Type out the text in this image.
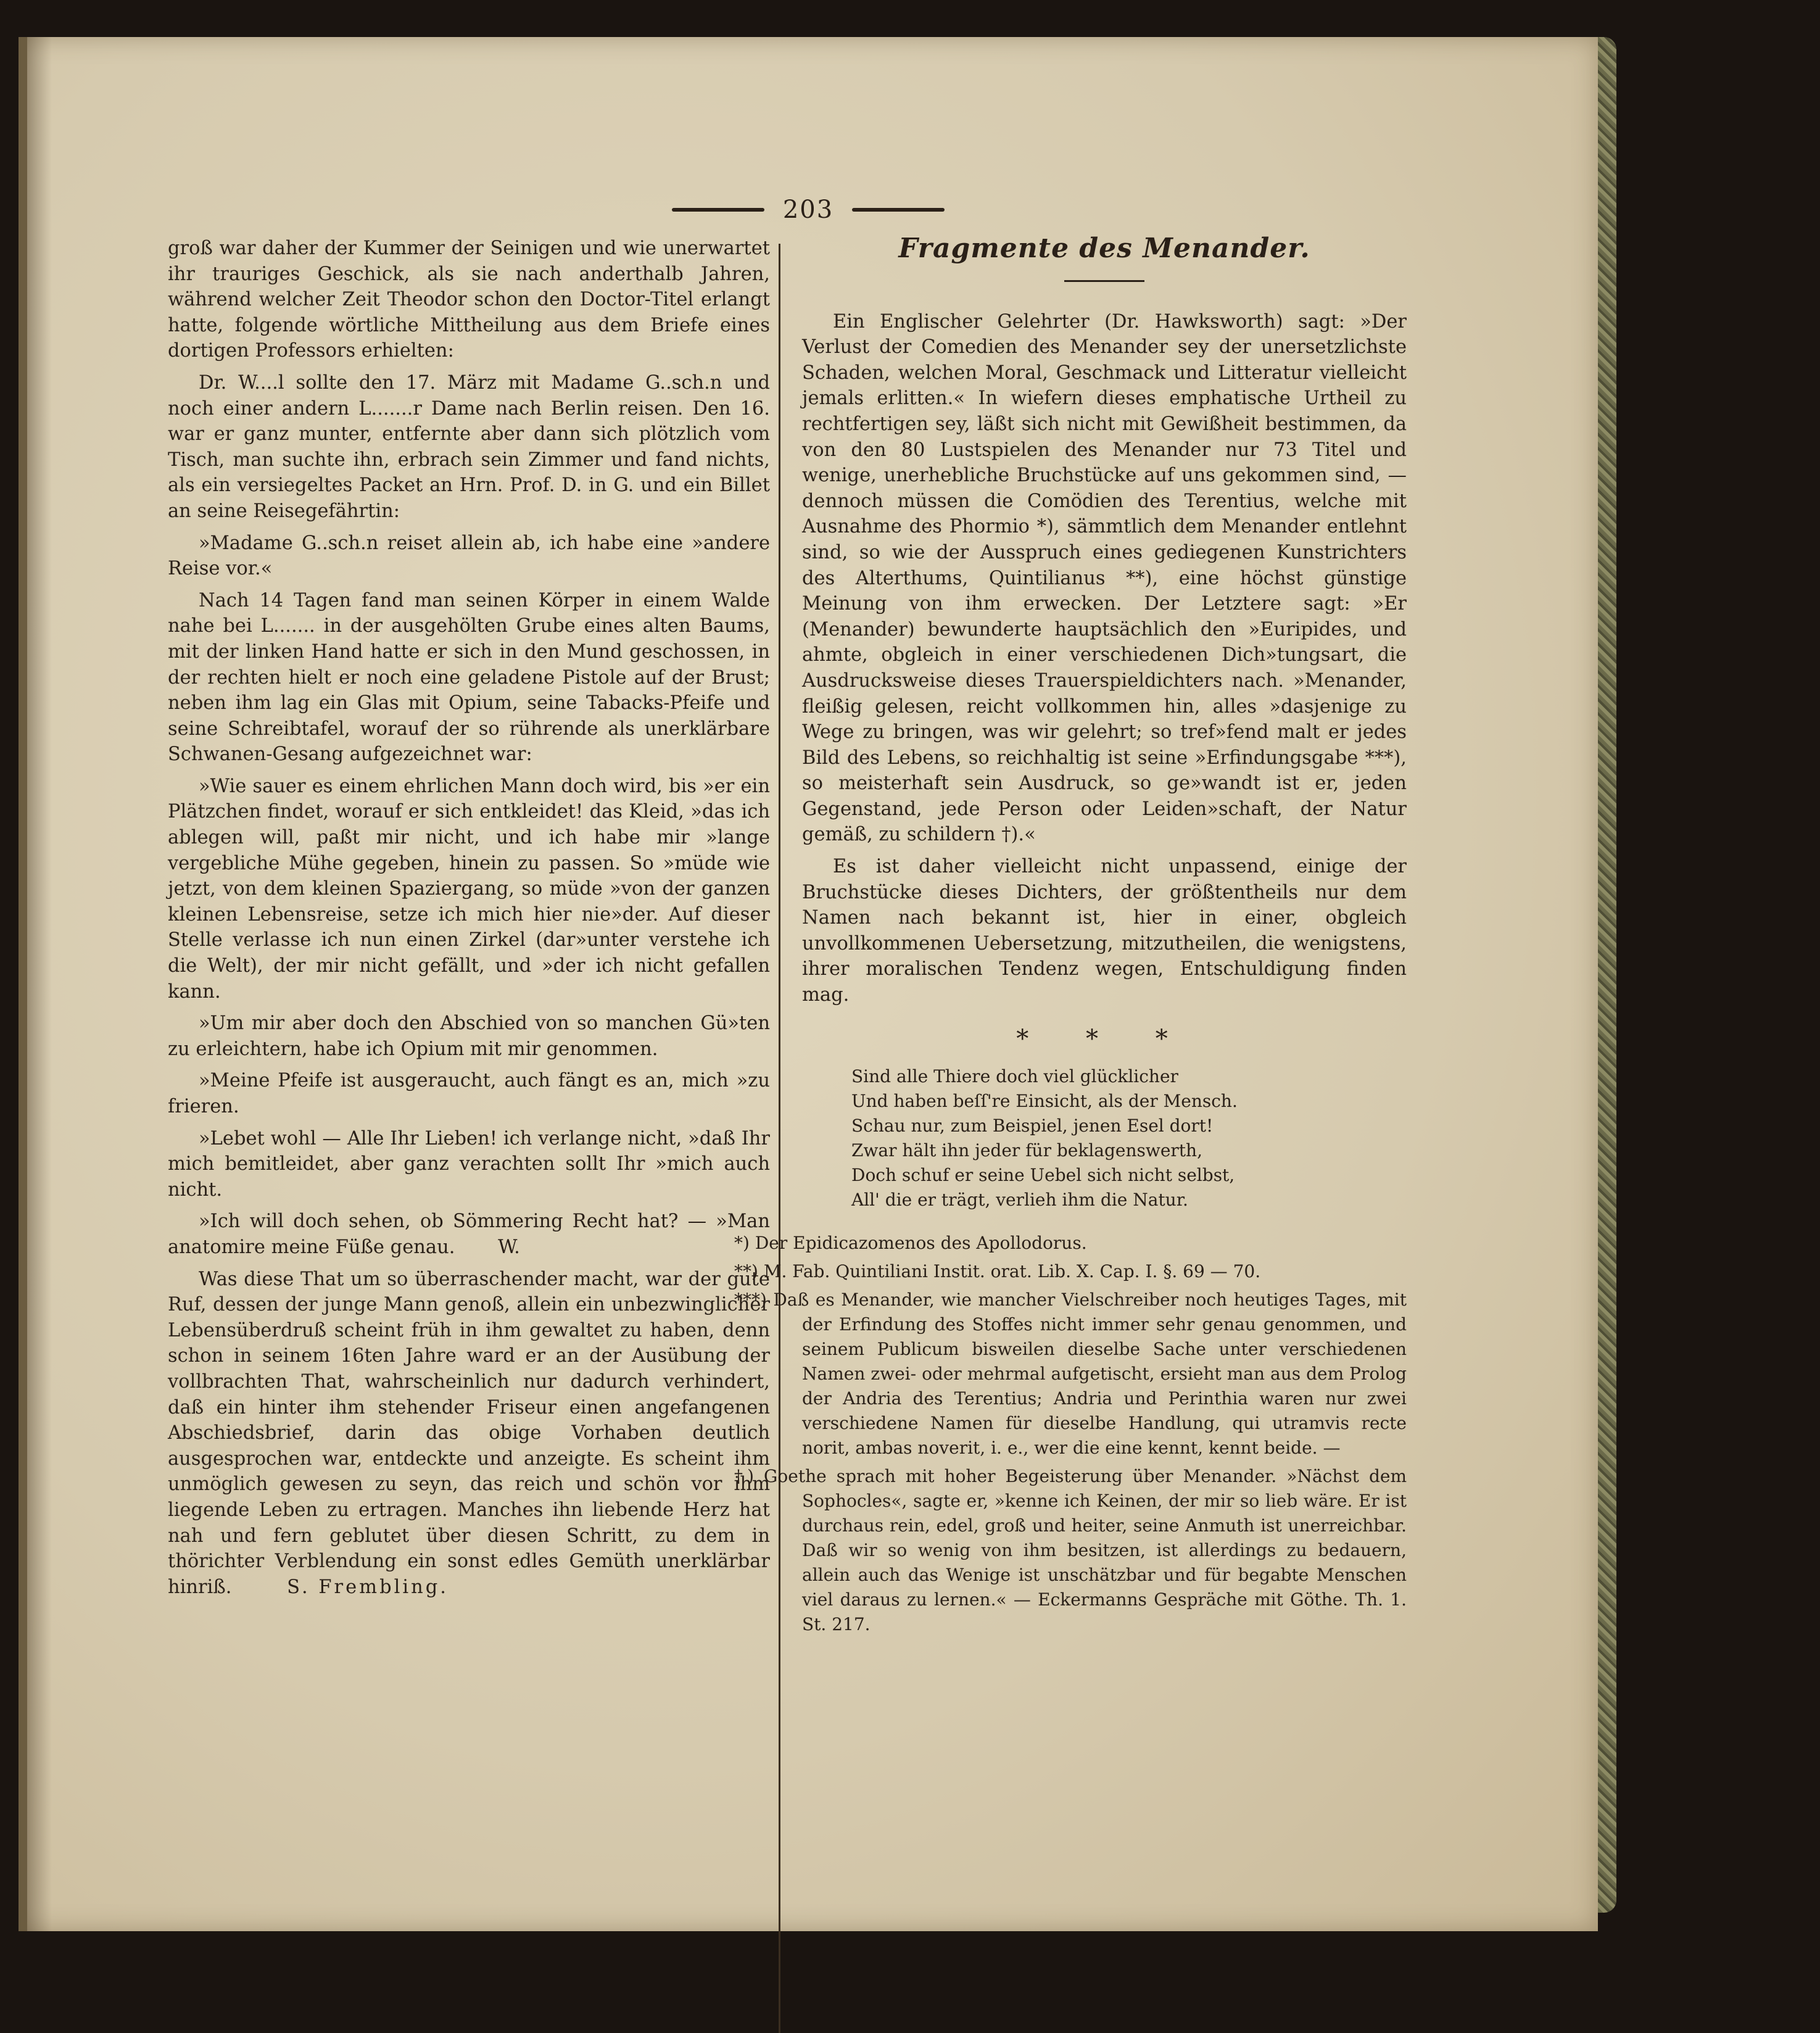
203

groß war daher der Kummer der Seinigen und wie unerwartet ihr trauriges Geschick, als sie nach anderthalb Jahren, während welcher Zeit Theodor schon den Doctor-Titel erlangt hatte, folgende wörtliche Mittheilung aus dem Briefe eines dortigen Professors erhielten:

Dr. W....l sollte den 17. März mit Madame G..sch.n und noch einer andern L.......r Dame nach Berlin reisen. Den 16. war er ganz munter, entfernte aber dann sich plötzlich vom Tisch, man suchte ihn, erbrach sein Zimmer und fand nichts, als ein versiegeltes Packet an Hrn. Prof. D. in G. und ein Billet an seine Reisegefährtin:

»Madame G..sch.n reiset allein ab, ich habe eine »andere Reise vor.«

Nach 14 Tagen fand man seinen Körper in einem Walde nahe bei L....... in der ausgehölten Grube eines alten Baums, mit der linken Hand hatte er sich in den Mund geschossen, in der rechten hielt er noch eine geladene Pistole auf der Brust; neben ihm lag ein Glas mit Opium, seine Tabacks-Pfeife und seine Schreibtafel, worauf der so rührende als unerklärbare Schwanen-Gesang aufgezeichnet war:

»Wie sauer es einem ehrlichen Mann doch wird, bis »er ein Plätzchen findet, worauf er sich entkleidet! das Kleid, »das ich ablegen will, paßt mir nicht, und ich habe mir »lange vergebliche Mühe gegeben, hinein zu passen. So »müde wie jetzt, von dem kleinen Spaziergang, so müde »von der ganzen kleinen Lebensreise, setze ich mich hier nie»der. Auf dieser Stelle verlasse ich nun einen Zirkel (dar»unter verstehe ich die Welt), der mir nicht gefällt, und »der ich nicht gefallen kann.

»Um mir aber doch den Abschied von so manchen Gü»ten zu erleichtern, habe ich Opium mit mir genommen.

»Meine Pfeife ist ausgeraucht, auch fängt es an, mich »zu frieren.

»Lebet wohl — Alle Ihr Lieben! ich verlange nicht, »daß Ihr mich bemitleidet, aber ganz verachten sollt Ihr »mich auch nicht.

»Ich will doch sehen, ob Sömmering Recht hat? — »Man anatomire meine Füße genau. W.

Was diese That um so überraschender macht, war der gute Ruf, dessen der junge Mann genoß, allein ein unbezwinglicher Lebensüberdruß scheint früh in ihm gewaltet zu haben, denn schon in seinem 16ten Jahre ward er an der Ausübung der vollbrachten That, wahrscheinlich nur dadurch verhindert, daß ein hinter ihm stehender Friseur einen angefangenen Abschiedsbrief, darin das obige Vorhaben deutlich ausgesprochen war, entdeckte und anzeigte. Es scheint ihm unmöglich gewesen zu seyn, das reich und schön vor ihm liegende Leben zu ertragen. Manches ihn liebende Herz hat nah und fern geblutet über diesen Schritt, zu dem in thörichter Verblendung ein sonst edles Gemüth unerklärbar hinriß.	S. Frembling.

Fragmente des Menander.

Ein Englischer Gelehrter (Dr. Hawksworth) sagt: »Der Verlust der Comedien des Menander sey der unersetzlichste Schaden, welchen Moral, Geschmack und Litteratur vielleicht jemals erlitten.« In wiefern dieses emphatische Urtheil zu rechtfertigen sey, läßt sich nicht mit Gewißheit bestimmen, da von den 80 Lustspielen des Menander nur 73 Titel und wenige, unerhebliche Bruchstücke auf uns gekommen sind, — dennoch müssen die Comödien des Terentius, welche mit Ausnahme des Phormio *), sämmtlich dem Menander entlehnt sind, so wie der Ausspruch eines gediegenen Kunstrichters des Alterthums, Quintilianus **), eine höchst günstige Meinung von ihm erwecken. Der Letztere sagt: »Er (Menander) bewunderte hauptsächlich den »Euripides, und ahmte, obgleich in einer verschiedenen Dich»tungsart, die Ausdrucksweise dieses Trauerspieldichters nach. »Menander, fleißig gelesen, reicht vollkommen hin, alles »dasjenige zu Wege zu bringen, was wir gelehrt; so tref»fend malt er jedes Bild des Lebens, so reichhaltig ist seine »Erfindungsgabe ***), so meisterhaft sein Ausdruck, so ge»wandt ist er, jeden Gegenstand, jede Person oder Leiden»schaft, der Natur gemäß, zu schildern †).«

Es ist daher vielleicht nicht unpassend, einige der Bruchstücke dieses Dichters, der größtentheils nur dem Namen nach bekannt ist, hier in einer, obgleich unvollkommenen Uebersetzung, mitzutheilen, die wenigstens, ihrer moralischen Tendenz wegen, Entschuldigung finden mag.

* * *
Sind alle Thiere doch viel glücklicher
Und haben beſſ're Einsicht, als der Mensch.
Schau nur, zum Beispiel, jenen Esel dort!
Zwar hält ihn jeder für beklagenswerth,
Doch schuf er seine Uebel sich nicht selbst,
All' die er trägt, verlieh ihm die Natur.

*) Der Epidicazomenos des Apollodorus.

**) M. Fab. Quintiliani Instit. orat. Lib. X. Cap. I. §. 69 — 70.

***) Daß es Menander, wie mancher Vielschreiber noch heutiges Tages, mit der Erfindung des Stoffes nicht immer sehr genau genommen, und seinem Publicum bisweilen dieselbe Sache unter verschiedenen Namen zwei- oder mehrmal aufgetischt, ersieht man aus dem Prolog der Andria des Terentius; Andria und Perinthia waren nur zwei verschiedene Namen für dieselbe Handlung, qui utramvis recte norit, ambas noverit, i. e., wer die eine kennt, kennt beide. —

†) Goethe sprach mit hoher Begeisterung über Menander. »Nächst dem Sophocles«, sagte er, »kenne ich Keinen, der mir so lieb wäre. Er ist durchaus rein, edel, groß und heiter, seine Anmuth ist unerreichbar. Daß wir so wenig von ihm besitzen, ist allerdings zu bedauern, allein auch das Wenige ist unschätzbar und für begabte Menschen viel daraus zu lernen.« — Eckermanns Gespräche mit Göthe. Th. 1. St. 217.
